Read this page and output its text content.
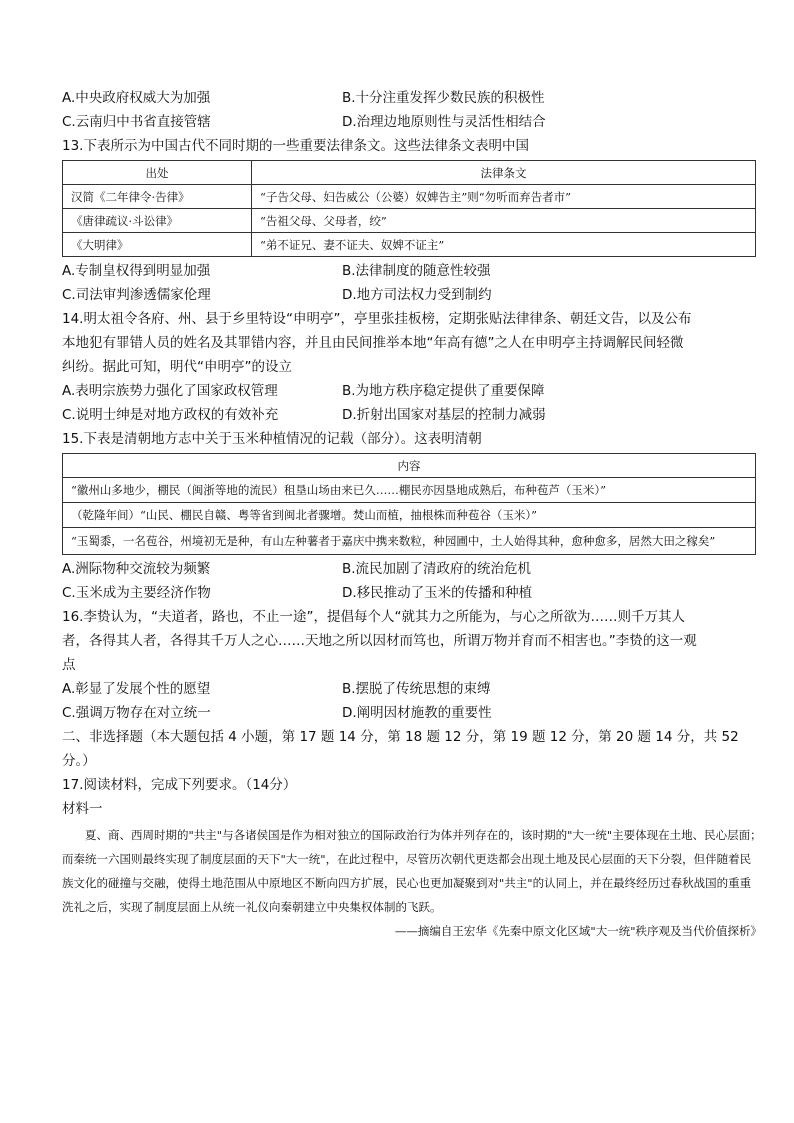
A.中央政府权威大为加强	B.十分注重发挥少数民族的积极性
C.云南归中书省直接管辖	D.治理边地原则性与灵活性相结合
13.下表所示为中国古代不同时期的一些重要法律条文。这些法律条文表明中国
出处	法律条文
汉简《二年律令·告律》	“子告父母、妇告威公（公婆）奴婢告主”则“勿听而弃告者市”
《唐律疏议·斗讼律》	“告祖父母、父母者，绞”
《大明律》	“弟不证兄、妻不证夫、奴婢不证主”
A.专制皇权得到明显加强	B.法律制度的随意性较强
C.司法审判渗透儒家伦理	D.地方司法权力受到制约
14.明太祖令各府、州、县于乡里特设“申明亭”，亭里张挂板榜，定期张贴法律律条、朝廷文告，以及公布
本地犯有罪错人员的姓名及其罪错内容，并且由民间推举本地“年高有德”之人在申明亭主持调解民间轻微
纠纷。据此可知，明代“申明亭”的设立
A.表明宗族势力强化了国家政权管理	B.为地方秩序稳定提供了重要保障
C.说明士绅是对地方政权的有效补充	D.折射出国家对基层的控制力减弱
15.下表是清朝地方志中关于玉米种植情况的记载（部分）。这表明清朝
内容
“徽州山多地少，棚民（闽浙等地的流民）租垦山场由来已久……棚民亦因垦地成熟后，布种苞芦（玉米）”
（乾隆年间）“山民、棚民自赣、粤等省到闽北者骤增。焚山而植，抽根株而种苞谷（玉米）”
“玉蜀黍，一名苞谷，州境初无是种，有山左种薯者于嘉庆中携来数粒，种园圃中，土人始得其种，愈种愈多，居然大田之稼矣”
A.洲际物种交流较为频繁	B.流民加剧了清政府的统治危机
C.玉米成为主要经济作物	D.移民推动了玉米的传播和种植
16.李贽认为，“夫道者，路也，不止一途”，提倡每个人“就其力之所能为，与心之所欲为……则千万其人
者，各得其人者，各得其千万人之心……天地之所以因材而笃也，所谓万物并育而不相害也。”李贽的这一观
点
A.彰显了发展个性的愿望	B.摆脱了传统思想的束缚
C.强调万物存在对立统一	D.阐明因材施教的重要性
二、非选择题（本大题包括 4 小题，第 17 题 14 分，第 18 题 12 分，第 19 题 12 分，第 20 题 14 分，共 52
分。）
17.阅读材料，完成下列要求。（14分）
材料一
夏、商、西周时期的"共主"与各诸侯国是作为相对独立的国际政治行为体并列存在的，该时期的"大一统"主要体现在土地、民心层面；而秦统一六国则最终实现了制度层面的天下"大一统"，在此过程中，尽管历次朝代更迭都会出现土地及民心层面的天下分裂，但伴随着民族文化的碰撞与交融，使得土地范围从中原地区不断向四方扩展，民心也更加凝聚到对"共主"的认同上，并在最终经历过春秋战国的重重洗礼之后，实现了制度层面上从统一礼仪向秦朝建立中央集权体制的飞跃。
——摘编自王宏华《先秦中原文化区域"大一统"秩序观及当代价值探析》
